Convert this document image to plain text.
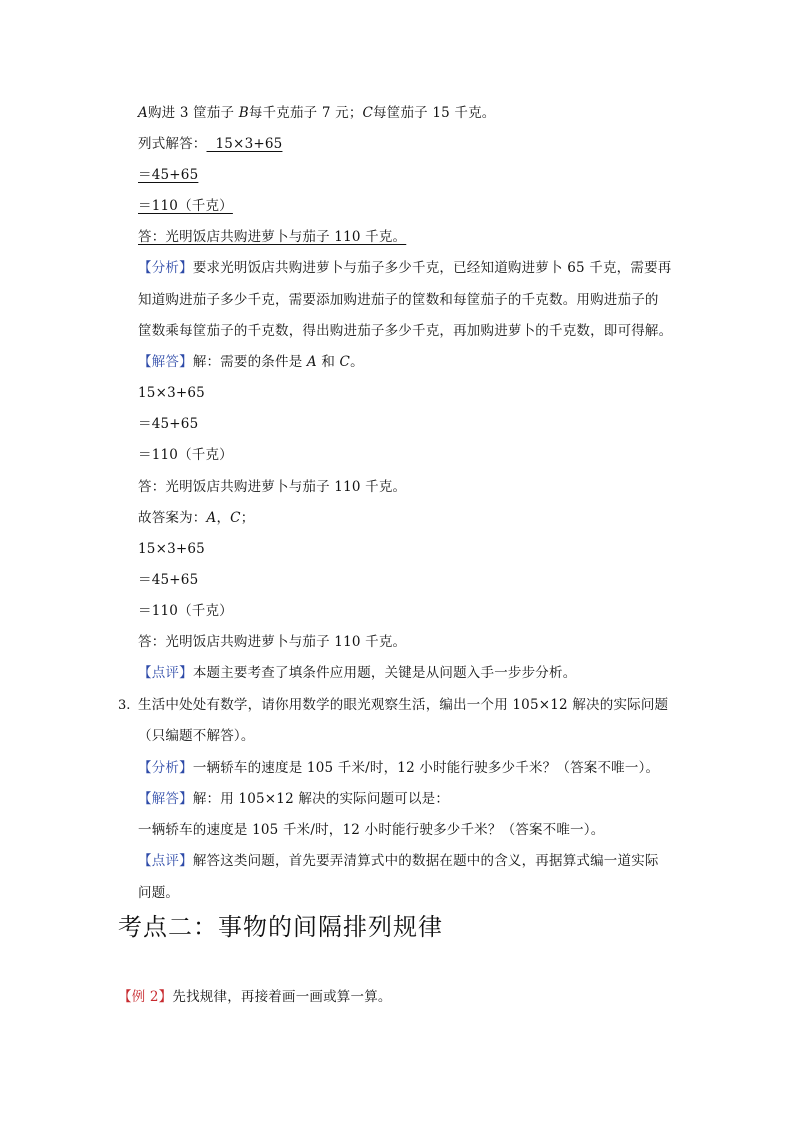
A购进 3 筐茄子 B每千克茄子 7 元；C每筐茄子 15 千克。
列式解答：  15×3+65
＝45+65
＝110（千克）
答：光明饭店共购进萝卜与茄子 110 千克。
【分析】要求光明饭店共购进萝卜与茄子多少千克，已经知道购进萝卜 65 千克，需要再
知道购进茄子多少千克，需要添加购进茄子的筐数和每筐茄子的千克数。用购进茄子的
筐数乘每筐茄子的千克数，得出购进茄子多少千克，再加购进萝卜的千克数，即可得解。
【解答】解：需要的条件是 A 和 C。
15×3+65
＝45+65
＝110（千克）
答：光明饭店共购进萝卜与茄子 110 千克。
故答案为：A，C；
15×3+65
＝45+65
＝110（千克）
答：光明饭店共购进萝卜与茄子 110 千克。
【点评】本题主要考查了填条件应用题，关键是从问题入手一步步分析。
3. 生活中处处有数学，请你用数学的眼光观察生活，编出一个用 105×12 解决的实际问题
（只编题不解答）。
【分析】一辆轿车的速度是 105 千米/时，12 小时能行驶多少千米？（答案不唯一）。
【解答】解：用 105×12 解决的实际问题可以是：
一辆轿车的速度是 105 千米/时，12 小时能行驶多少千米？（答案不唯一）。
【点评】解答这类问题，首先要弄清算式中的数据在题中的含义，再据算式编一道实际
问题。
考点二：事物的间隔排列规律
【例 2】先找规律，再接着画一画或算一算。
